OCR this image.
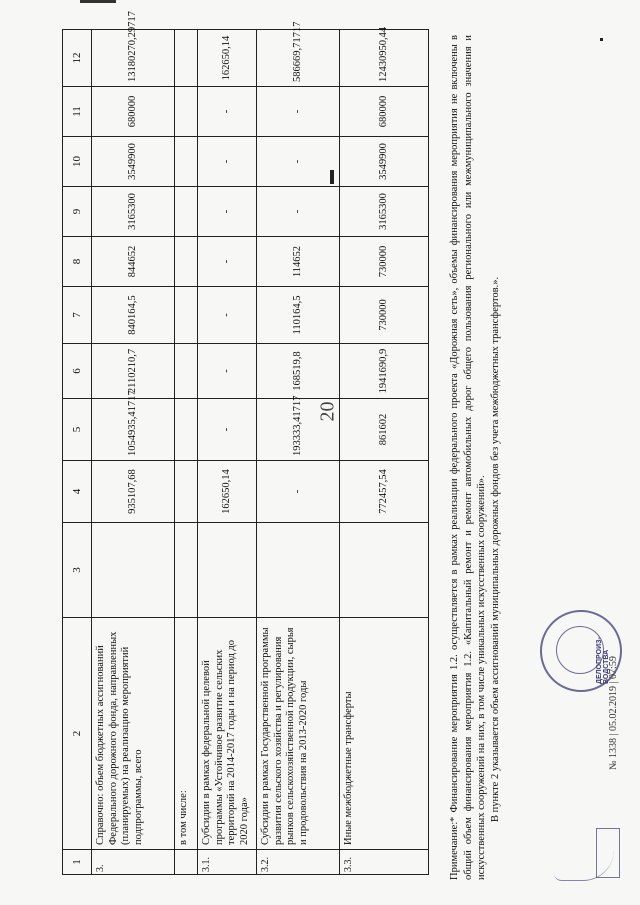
20
1	2	3	4	5	6	7	8	9	10	11	12
3.	Справочно: объем бюджетных ассигнований Федерального дорожного фонда, направленных (планируемых) на реализацию мероприятий подпрограммы, всего		935107,68	1054935,41717	2110210,7	840164,5	844652	3165300	3549900	680000	13180270,29717
	в том числе:										
3.1.	Субсидии в рамках федеральной целевой программы «Устойчивое развитие сельских территорий на 2014-2017 годы и на период до 2020 года»		162650,14	-	-	-	-	-	-	-	162650,14
3.2.	Субсидии в рамках Государственной программы развития сельского хозяйства и регулирования рынков сельскохозяйственной продукции, сырья и продовольствия на 2013-2020 годы		-	193333,41717	168519,8	110164,5	114652	-	-	-	586669,71717
3.3.	Иные межбюджетные трансферты		772457,54	861602	1941690,9	730000	730000	3165300	3549900	680000	12430950,44

Примечание:* Финансирование мероприятия 1.2. осуществляется в рамках реализации федерального проекта «Дорожная сеть», объемы финансирования мероприятия не включены в общий объем финансирования мероприятия 1.2. «Капитальный ремонт и ремонт автомобильных дорог общего пользования регионального или межмуниципального значения и искусственных сооружений на них, в том числе уникальных искусственных сооружений». В пункте 2 указывается объем ассигнований муниципальных дорожных фондов без учета межбюджетных трансфертов.».	ДЕЛОПРОИЗ-ВОДСТВА
№ 1338 | 05.02.2019 | 07:59
